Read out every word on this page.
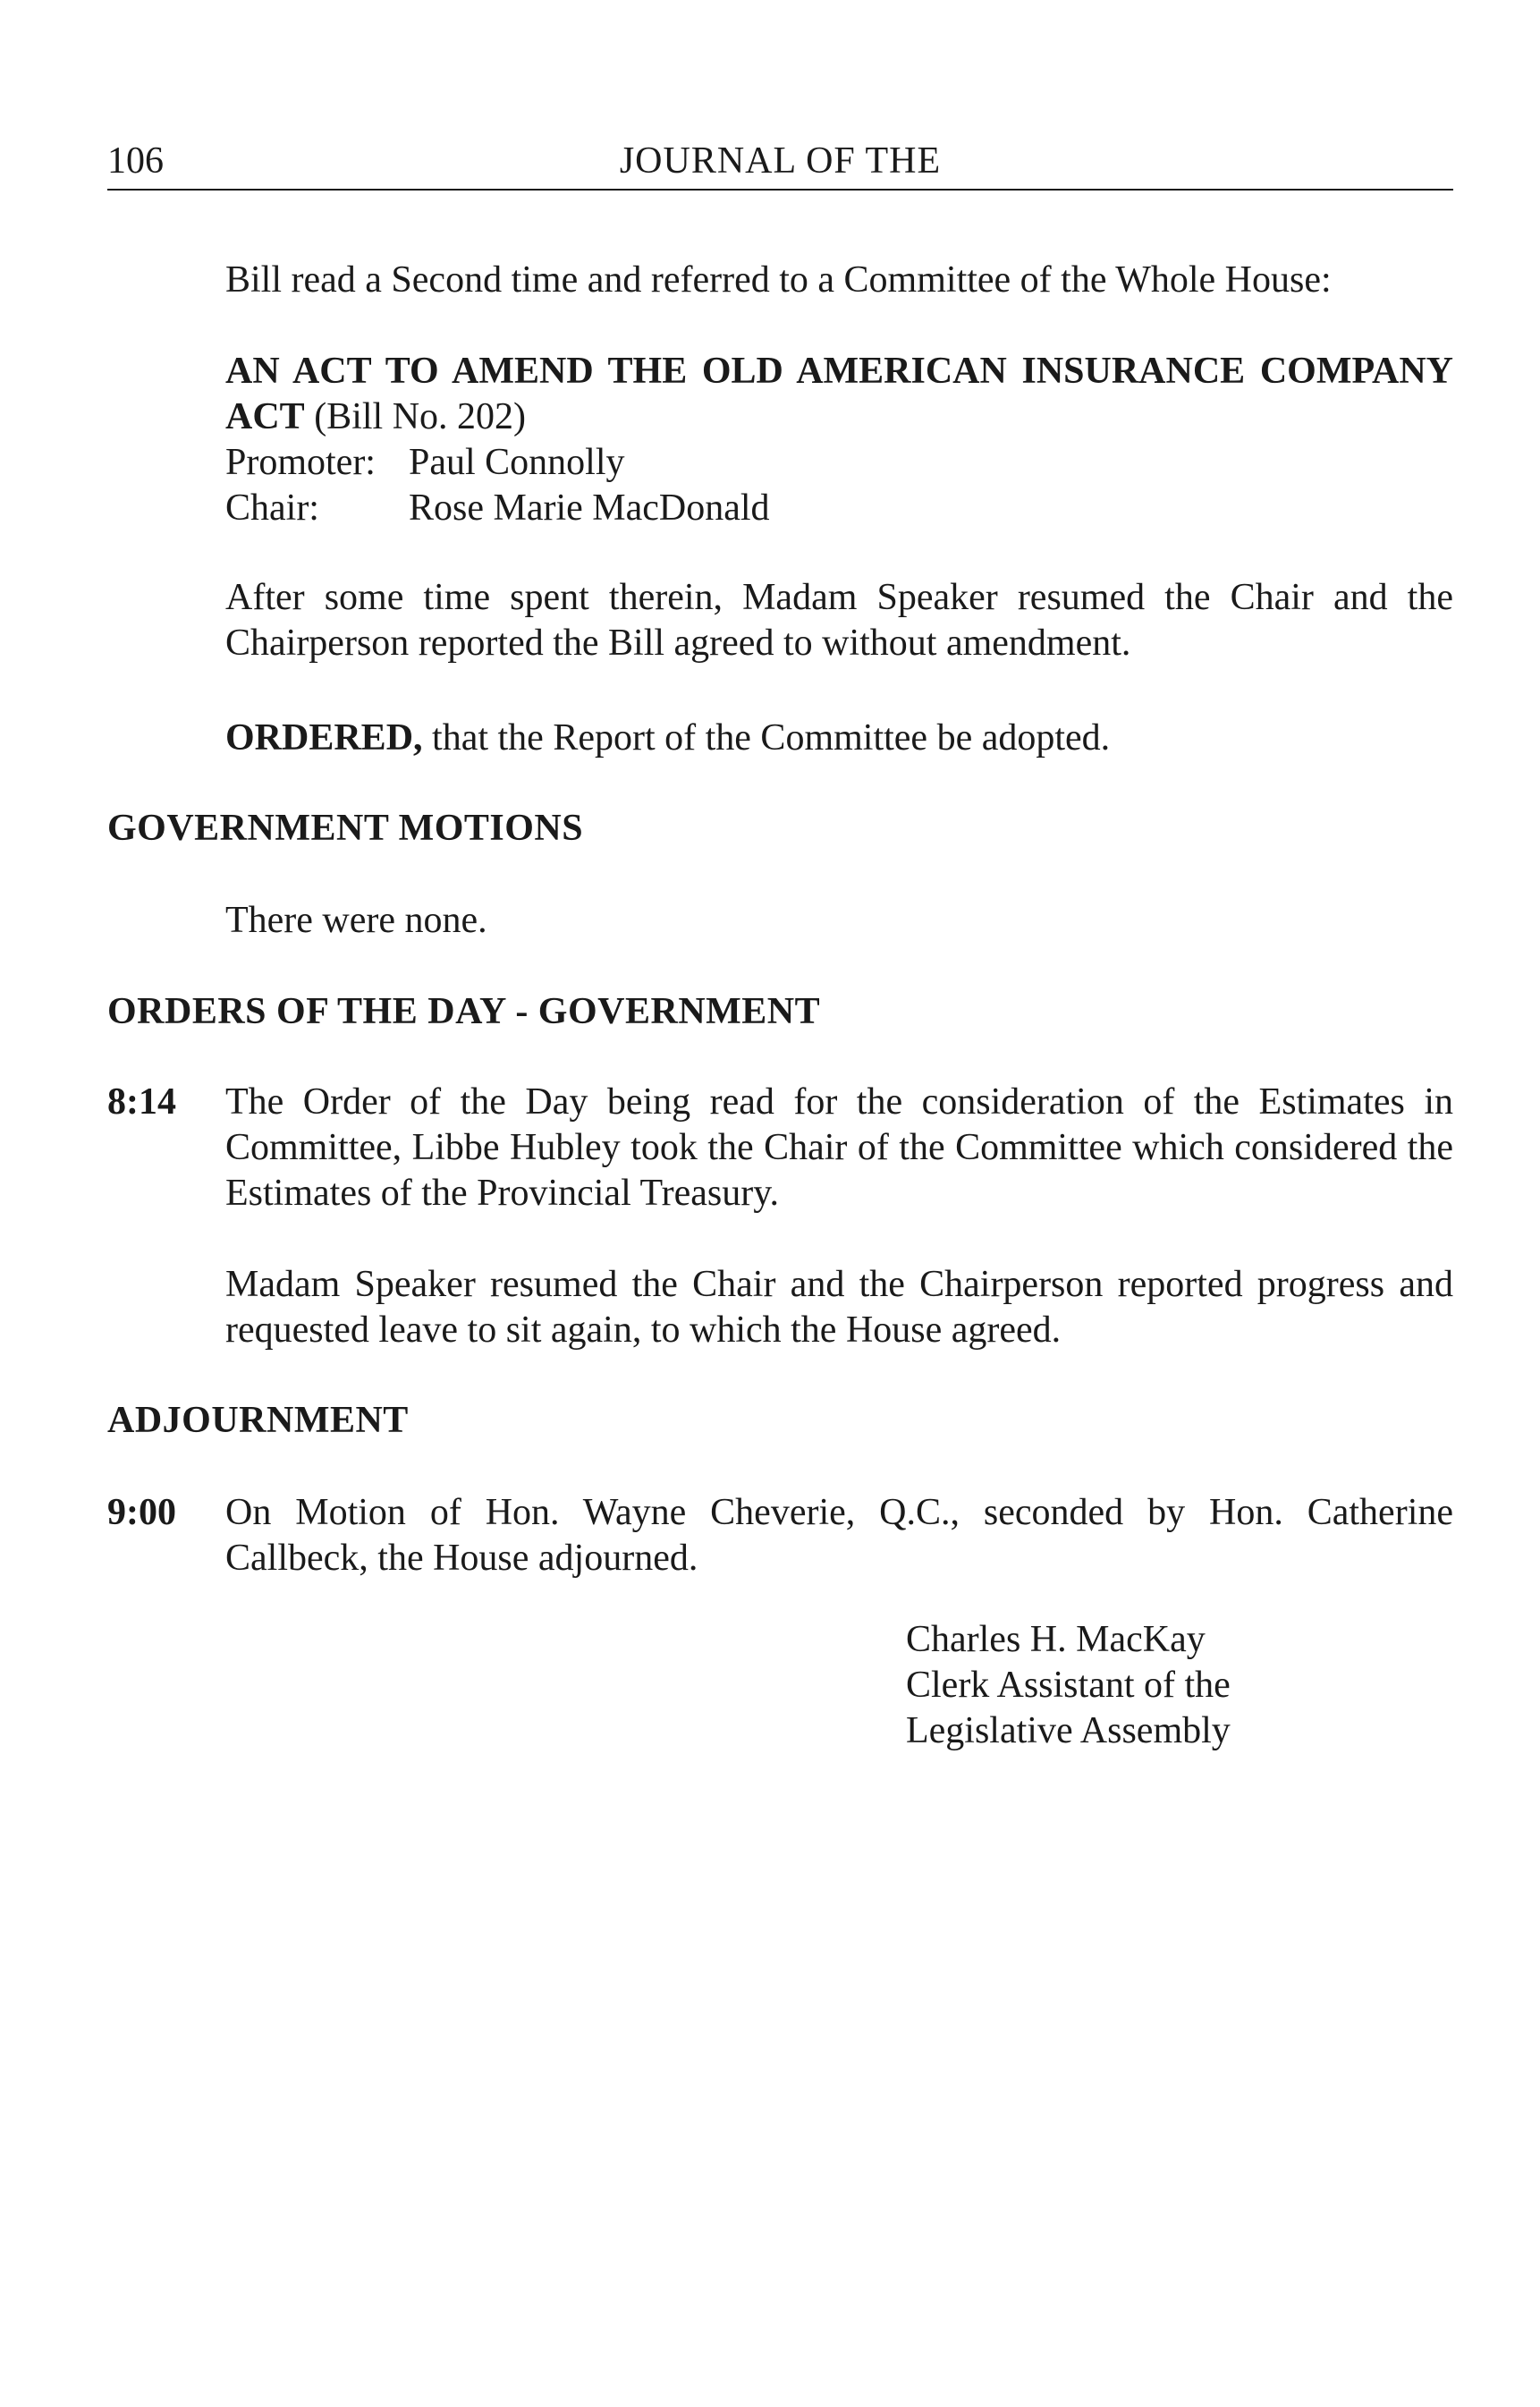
106	JOURNAL OF THE
Bill read a Second time and referred to a Committee of the Whole House:
AN ACT TO AMEND THE OLD AMERICAN INSURANCE COMPANY ACT (Bill No. 202)
Promoter: Paul Connolly
Chair:	Rose Marie MacDonald
After some time spent therein, Madam Speaker resumed the Chair and the Chairperson reported the Bill agreed to without amendment.
ORDERED, that the Report of the Committee be adopted.
GOVERNMENT MOTIONS
There were none.
ORDERS OF THE DAY - GOVERNMENT
8:14 The Order of the Day being read for the consideration of the Estimates in Committee, Libbe Hubley took the Chair of the Committee which considered the Estimates of the Provincial Treasury.
Madam Speaker resumed the Chair and the Chairperson reported progress and requested leave to sit again, to which the House agreed.
ADJOURNMENT
9:00 On Motion of Hon. Wayne Cheverie, Q.C., seconded by Hon. Catherine Callbeck, the House adjourned.
Charles H. MacKay
Clerk Assistant of the
Legislative Assembly
